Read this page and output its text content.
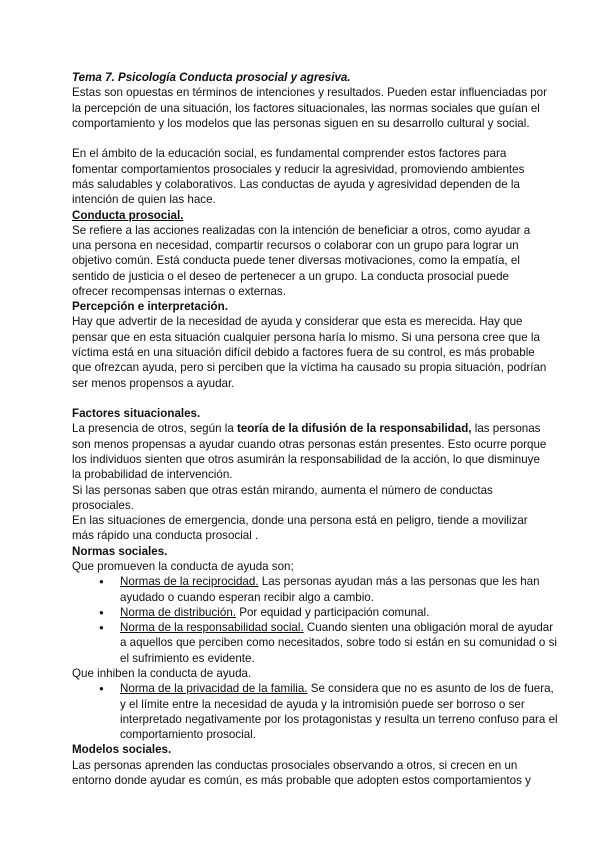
Tema 7. Psicología Conducta prosocial y agresiva.
Estas son opuestas en términos de intenciones y resultados. Pueden estar influenciadas por
la percepción de una situación, los factores situacionales, las normas sociales que guían el
comportamiento y los modelos que las personas siguen en su desarrollo cultural y social.
En el ámbito de la educación social, es fundamental comprender estos factores para
fomentar comportamientos prosociales y reducir la agresividad, promoviendo ambientes
más saludables y colaborativos. Las conductas de ayuda y agresividad dependen de la
intención de quien las hace.
Conducta prosocial.
Se refiere a las acciones realizadas con la intención de beneficiar a otros, como ayudar a
una persona en necesidad, compartir recursos o colaborar con un grupo para lograr un
objetivo común. Está conducta puede tener diversas motivaciones, como la empatía, el
sentido de justicia o el deseo de pertenecer a un grupo. La conducta prosocial puede
ofrecer recompensas internas o externas.
Percepción e interpretación.
Hay que advertir de la necesidad de ayuda y considerar que esta es merecida. Hay que
pensar que en esta situación cualquier persona haría lo mismo. Si una persona cree que la
víctima está en una situación difícil debido a factores fuera de su control, es más probable
que ofrezcan ayuda, pero si perciben que la víctima ha causado su propia situación, podrían
ser menos propensos a ayudar.
Factores situacionales.
La presencia de otros, según la teoría de la difusión de la responsabilidad, las personas
son menos propensas a ayudar cuando otras personas están presentes. Esto ocurre porque
los individuos sienten que otros asumirán la responsabilidad de la acción, lo que disminuye
la probabilidad de intervención.
Si las personas saben que otras están mirando, aumenta el número de conductas
prosociales.
En las situaciones de emergencia, donde una persona está en peligro, tiende a movilizar
más rápido una conducta prosocial .
Normas sociales.
Que promueven la conducta de ayuda son;
● Normas de la reciprocidad. Las personas ayudan más a las personas que les han
ayudado o cuando esperan recibir algo a cambio.
● Norma de distribución. Por equidad y participación comunal.
● Norma de la responsabilidad social. Cuando sienten una obligación moral de ayudar
a aquellos que perciben como necesitados, sobre todo si están en su comunidad o si
el sufrimiento es evidente.
Que inhiben la conducta de ayuda.
● Norma de la privacidad de la familia. Se considera que no es asunto de los de fuera,
y el límite entre la necesidad de ayuda y la intromisión puede ser borroso o ser
interpretado negativamente por los protagonistas y resulta un terreno confuso para el
comportamiento prosocial.
Modelos sociales.
Las personas aprenden las conductas prosociales observando a otros, si crecen en un
entorno donde ayudar es común, es más probable que adopten estos comportamientos y
